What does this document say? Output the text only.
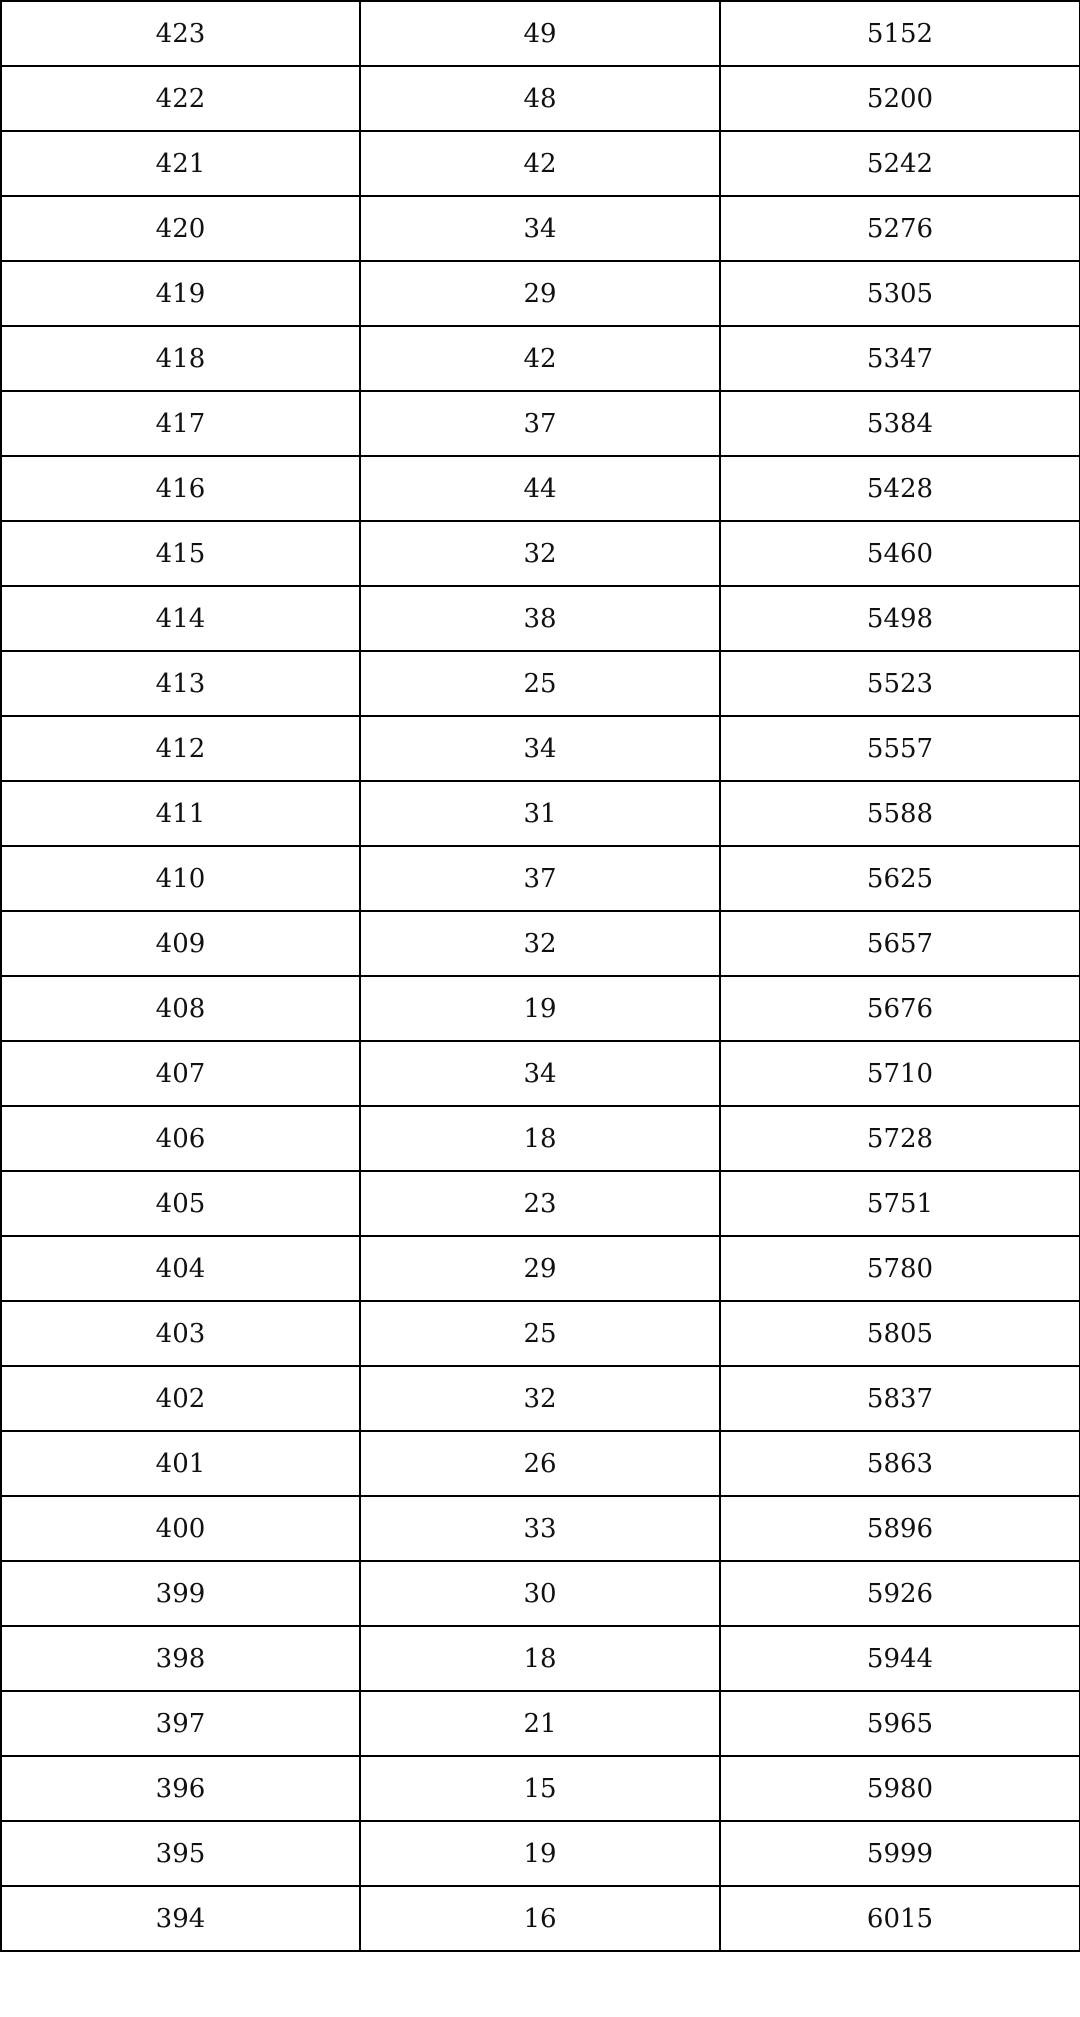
423	49	5152
422	48	5200
421	42	5242
420	34	5276
419	29	5305
418	42	5347
417	37	5384
416	44	5428
415	32	5460
414	38	5498
413	25	5523
412	34	5557
411	31	5588
410	37	5625
409	32	5657
408	19	5676
407	34	5710
406	18	5728
405	23	5751
404	29	5780
403	25	5805
402	32	5837
401	26	5863
400	33	5896
399	30	5926
398	18	5944
397	21	5965
396	15	5980
395	19	5999
394	16	6015
